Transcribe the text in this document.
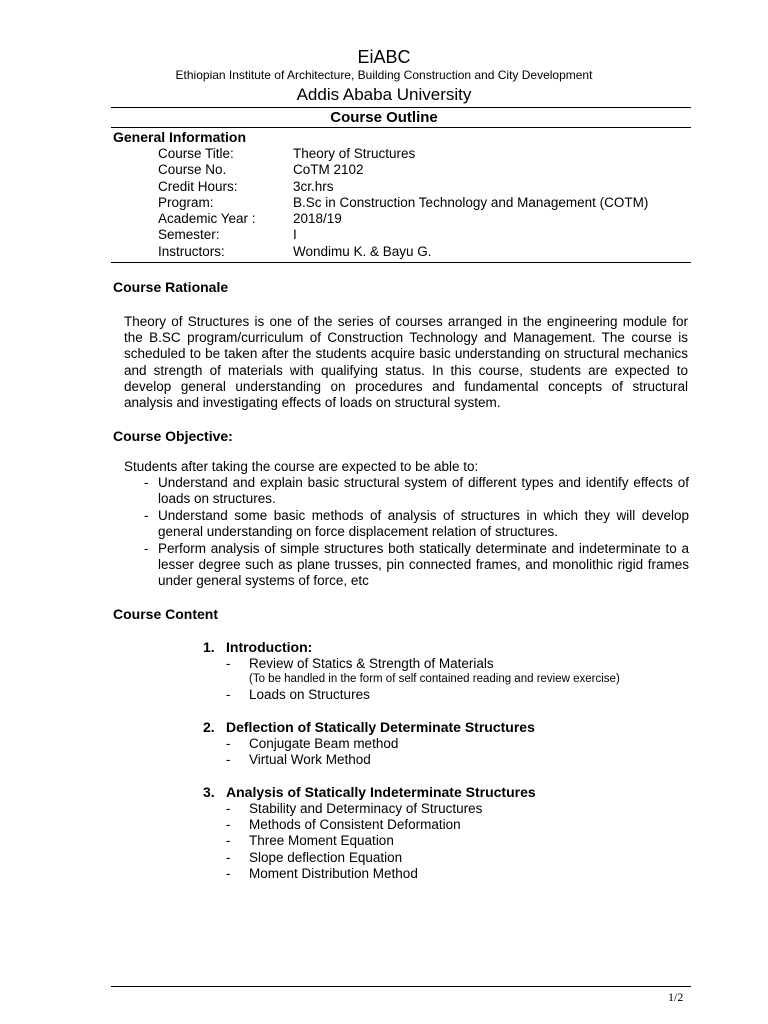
EiABC
Ethiopian Institute of Architecture, Building Construction and City Development
Addis Ababa University
Course Outline
General Information
Course Title:	Theory of Structures
Course No.	CoTM 2102
Credit Hours:	3cr.hrs
Program:	B.Sc in Construction Technology and Management (COTM)
Academic Year :	2018/19
Semester:	I
Instructors:	Wondimu K. & Bayu G.
Course Rationale
Theory of Structures is one of the series of courses arranged in the engineering module for the B.SC program/curriculum of Construction Technology and Management. The course is scheduled to be taken after the students acquire basic understanding on structural mechanics and strength of materials with qualifying status. In this course, students are expected to develop general understanding on procedures and fundamental concepts of structural analysis and investigating effects of loads on structural system.
Course Objective:
Students after taking the course are expected to be able to:
- Understand and explain basic structural system of different types and identify effects of loads on structures.
- Understand some basic methods of analysis of structures in which they will develop general understanding on force displacement relation of structures.
- Perform analysis of simple structures both statically determinate and indeterminate to a lesser degree such as plane trusses, pin connected frames, and monolithic rigid frames under general systems of force, etc
Course Content
1. Introduction:
- Review of Statics & Strength of Materials
(To be handled in the form of self contained reading and review exercise)
- Loads on Structures
2. Deflection of Statically Determinate Structures
- Conjugate Beam method
- Virtual Work Method
3. Analysis of Statically Indeterminate Structures
- Stability and Determinacy of Structures
- Methods of Consistent Deformation
- Three Moment Equation
- Slope deflection Equation
- Moment Distribution Method
1/2
